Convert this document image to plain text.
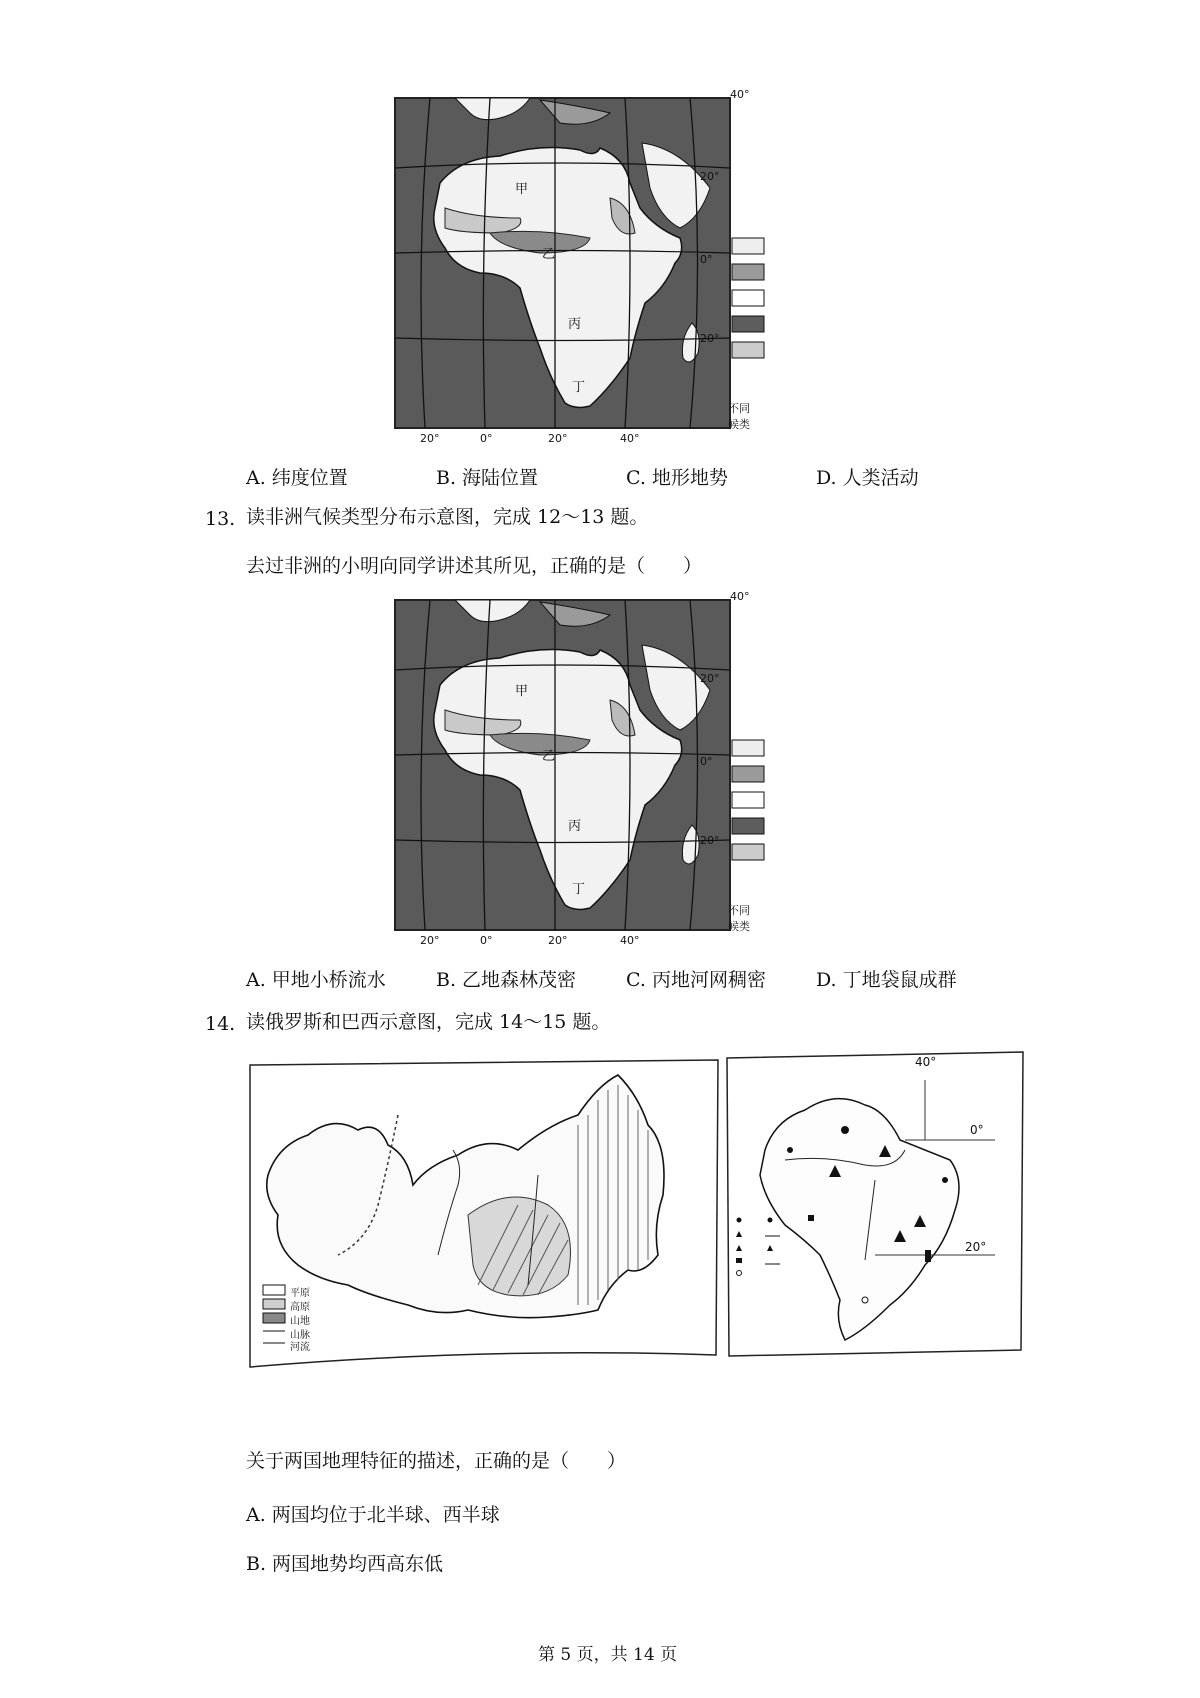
40°
20°
0°
20°
20°	0°	20°	40°
甲
乙
丙
丁
不同
候类
A. 纬度位置	B. 海陆位置	C. 地形地势	D. 人类活动
13. 读非洲气候类型分布示意图，完成 12～13 题。
去过非洲的小明向同学讲述其所见，正确的是（　　）
40°
20°
0°
20°
20°	0°	20°	40°
甲
乙
丙
丁
不同
候类
A. 甲地小桥流水	B. 乙地森林茂密	C. 丙地河网稠密	D. 丁地袋鼠成群
14. 读俄罗斯和巴西示意图，完成 14～15 题。
平原
高原
山地
山脉
河流
40°
0°
20°
关于两国地理特征的描述，正确的是（　　）
A. 两国均位于北半球、西半球
B. 两国地势均西高东低
第 5 页，共 14 页
